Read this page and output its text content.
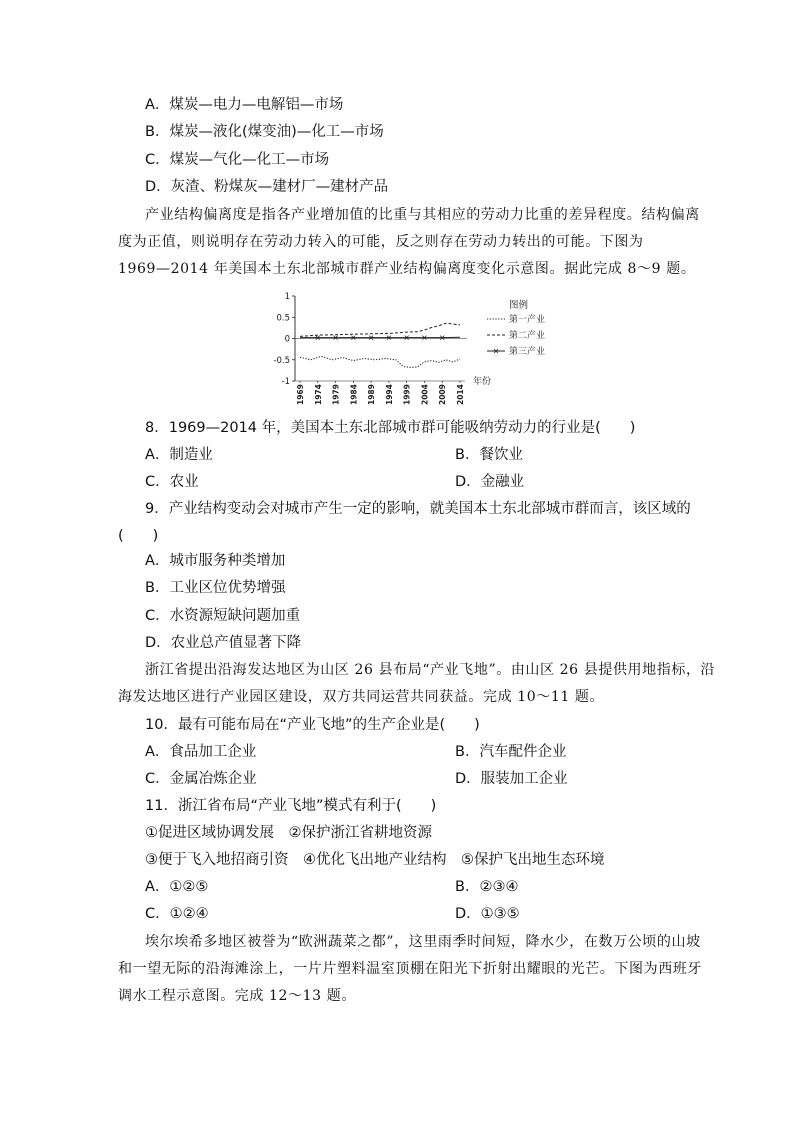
A．煤炭—电力—电解铝—市场
B．煤炭—液化(煤变油)—化工—市场
C．煤炭—气化—化工—市场
D．灰渣、粉煤灰—建材厂—建材产品
产业结构偏离度是指各产业增加值的比重与其相应的劳动力比重的差异程度。结构偏离
度为正值，则说明存在劳动力转入的可能，反之则存在劳动力转出的可能。下图为
1969—2014 年美国本土东北部城市群产业结构偏离度变化示意图。据此完成 8～9 题。
1
0.5
0
-0.5
-1
1969 1974 1979 1984 1989 1994 1999 2004 2009 2014
年份
图例
第一产业
第二产业
第三产业
8．1969—2014 年，美国本土东北部城市群可能吸纳劳动力的行业是(　　)
A．制造业	B．餐饮业
C．农业	D．金融业
9．产业结构变动会对城市产生一定的影响，就美国本土东北部城市群而言，该区域的
(　　)
A．城市服务种类增加
B．工业区位优势增强
C．水资源短缺问题加重
D．农业总产值显著下降
浙江省提出沿海发达地区为山区 26 县布局“产业飞地”。由山区 26 县提供用地指标，沿
海发达地区进行产业园区建设，双方共同运营共同获益。完成 10～11 题。
10．最有可能布局在“产业飞地”的生产企业是(　　)
A．食品加工企业	B．汽车配件企业
C．金属冶炼企业	D．服装加工企业
11．浙江省布局“产业飞地”模式有利于(　　)
①促进区域协调发展　②保护浙江省耕地资源
③便于飞入地招商引资　④优化飞出地产业结构　⑤保护飞出地生态环境
A．①②⑤	B．②③④
C．①②④	D．①③⑤
埃尔埃希多地区被誉为“欧洲蔬菜之都”，这里雨季时间短，降水少，在数万公顷的山坡
和一望无际的沿海滩涂上，一片片塑料温室顶棚在阳光下折射出耀眼的光芒。下图为西班牙
调水工程示意图。完成 12～13 题。
